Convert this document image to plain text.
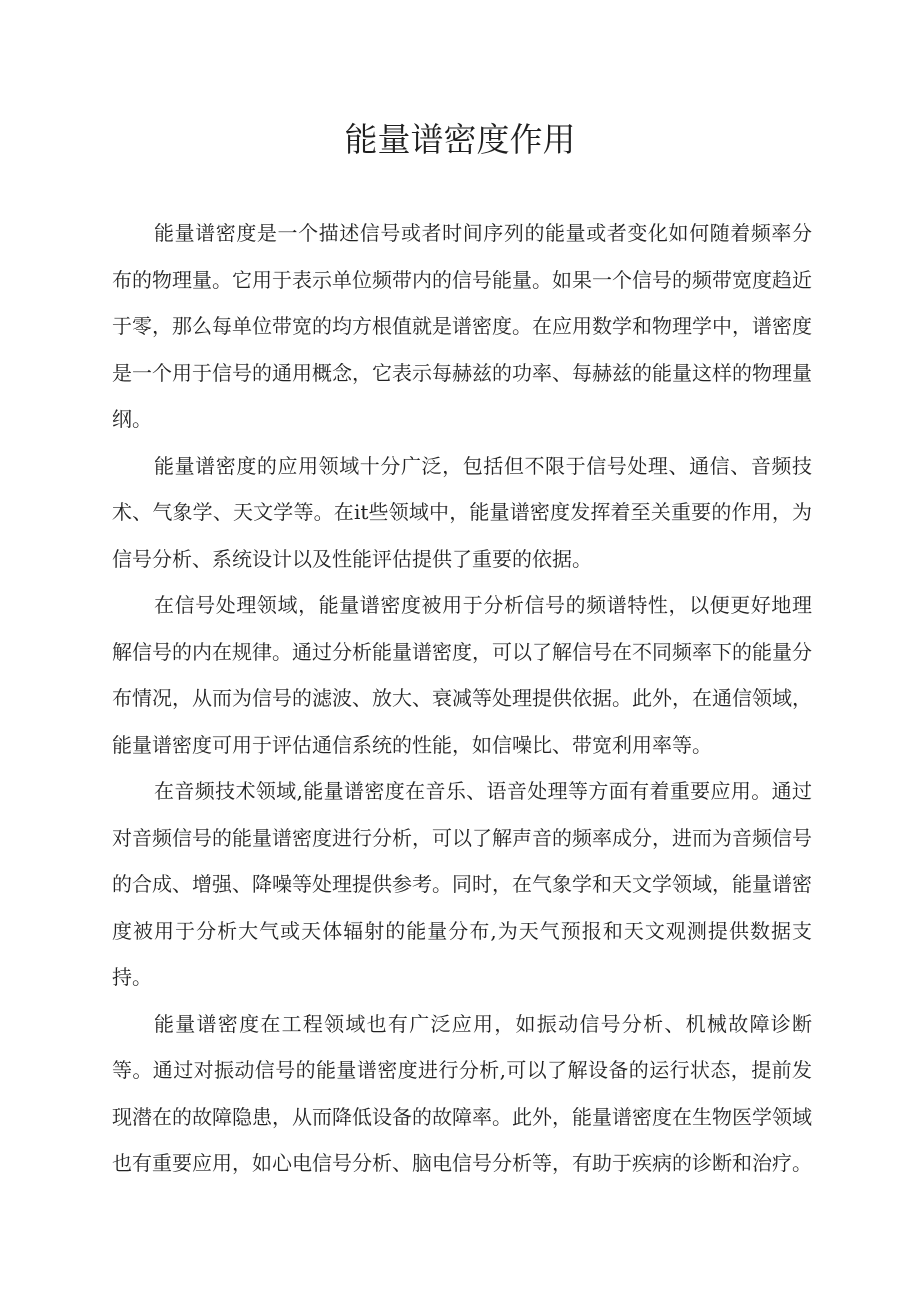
能量谱密度作用

能量谱密度是一个描述信号或者时间序列的能量或者变化如何随着频率分布的物理量。它用于表示单位频带内的信号能量。如果一个信号的频带宽度趋近于零，那么每单位带宽的均方根值就是谱密度。在应用数学和物理学中，谱密度是一个用于信号的通用概念，它表示每赫兹的功率、每赫兹的能量这样的物理量纲。

能量谱密度的应用领域十分广泛，包括但不限于信号处理、通信、音频技术、气象学、天文学等。在it些领域中，能量谱密度发挥着至关重要的作用，为信号分析、系统设计以及性能评估提供了重要的依据。

在信号处理领域，能量谱密度被用于分析信号的频谱特性，以便更好地理解信号的内在规律。通过分析能量谱密度，可以了解信号在不同频率下的能量分布情况，从而为信号的滤波、放大、衰减等处理提供依据。此外，在通信领域，能量谱密度可用于评估通信系统的性能，如信噪比、带宽利用率等。

在音频技术领域,能量谱密度在音乐、语音处理等方面有着重要应用。通过对音频信号的能量谱密度进行分析，可以了解声音的频率成分，进而为音频信号的合成、增强、降噪等处理提供参考。同时，在气象学和天文学领域，能量谱密度被用于分析大气或天体辐射的能量分布,为天气预报和天文观测提供数据支持。

能量谱密度在工程领域也有广泛应用，如振动信号分析、机械故障诊断等。通过对振动信号的能量谱密度进行分析,可以了解设备的运行状态，提前发现潜在的故障隐患，从而降低设备的故障率。此外，能量谱密度在生物医学领域也有重要应用，如心电信号分析、脑电信号分析等，有助于疾病的诊断和治疗。
